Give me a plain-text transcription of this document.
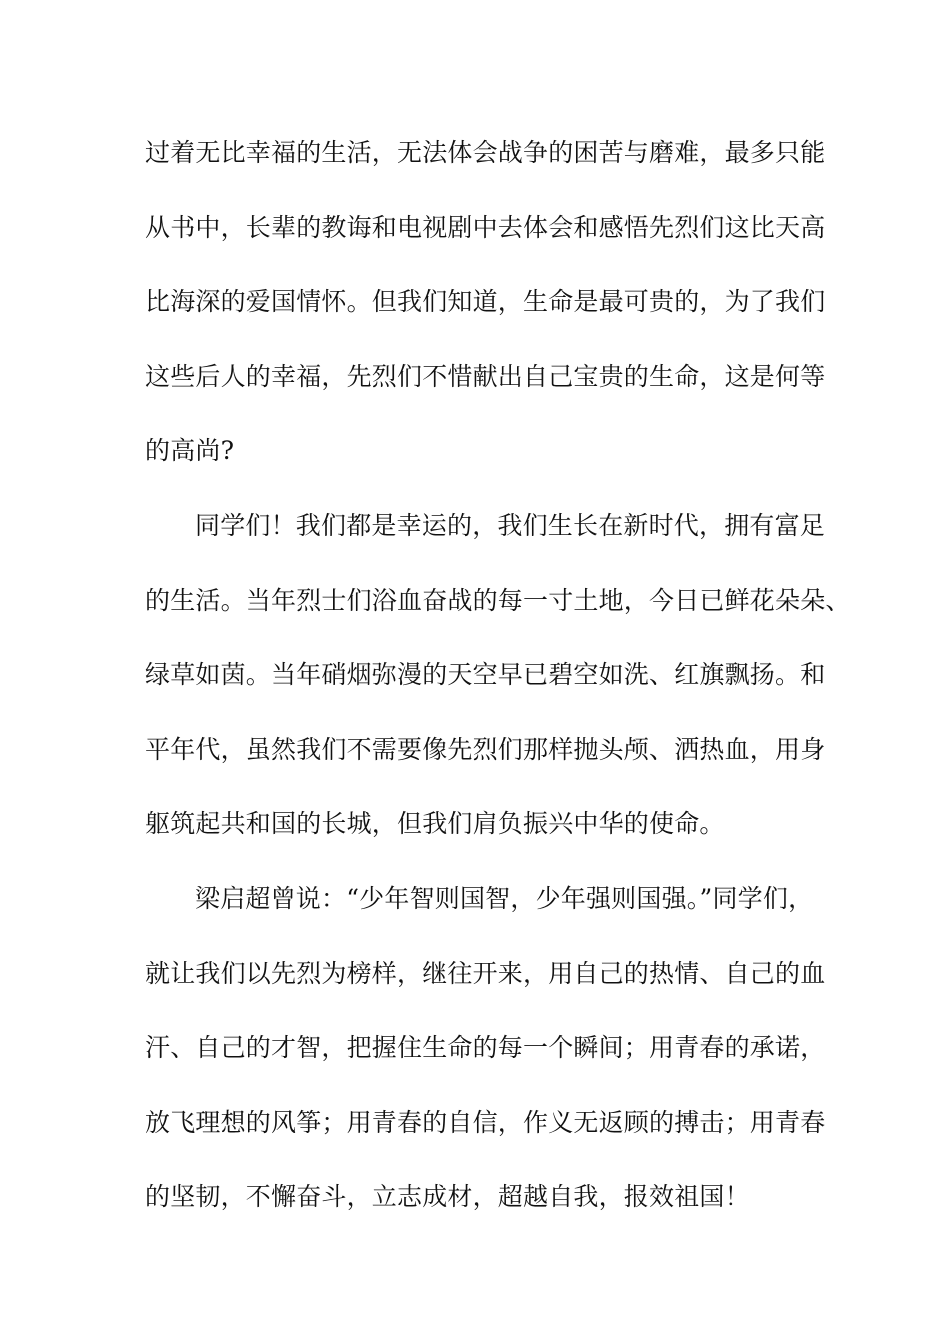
过着无比幸福的生活，无法体会战争的困苦与磨难，最多只能
从书中，长辈的教诲和电视剧中去体会和感悟先烈们这比天高
比海深的爱国情怀。但我们知道，生命是最可贵的，为了我们
这些后人的幸福，先烈们不惜献出自己宝贵的生命，这是何等
的高尚?
同学们！我们都是幸运的，我们生长在新时代，拥有富足
的生活。当年烈士们浴血奋战的每一寸土地，今日已鲜花朵朵、
绿草如茵。当年硝烟弥漫的天空早已碧空如洗、红旗飘扬。和
平年代，虽然我们不需要像先烈们那样抛头颅、洒热血，用身
躯筑起共和国的长城，但我们肩负振兴中华的使命。
梁启超曾说：“少年智则国智，少年强则国强。”同学们，
就让我们以先烈为榜样，继往开来，用自己的热情、自己的血
汗、自己的才智，把握住生命的每一个瞬间；用青春的承诺，
放飞理想的风筝；用青春的自信，作义无返顾的搏击；用青春
的坚韧，不懈奋斗，立志成材，超越自我，报效祖国！
